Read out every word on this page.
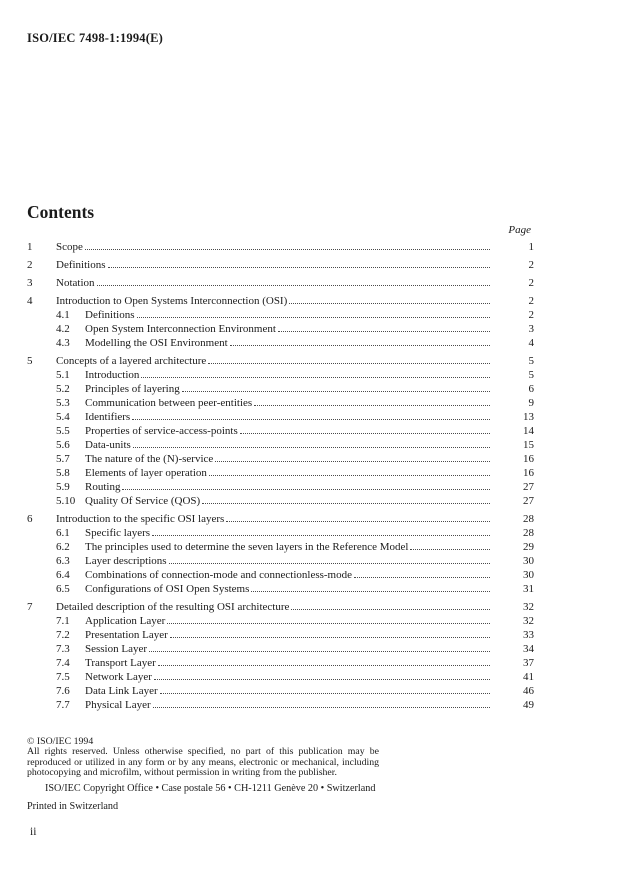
ISO/IEC 7498-1:1994(E)
Contents
Page
1	Scope	1
2	Definitions	2
3	Notation	2
4	Introduction to Open Systems Interconnection (OSI)	2
4.1	Definitions	2
4.2	Open System Interconnection Environment	3
4.3	Modelling the OSI Environment	4
5	Concepts of a layered architecture	5
5.1	Introduction	5
5.2	Principles of layering	6
5.3	Communication between peer-entities	9
5.4	Identifiers	13
5.5	Properties of service-access-points	14
5.6	Data-units	15
5.7	The nature of the (N)-service	16
5.8	Elements of layer operation	16
5.9	Routing	27
5.10 Quality Of Service (QOS)	27
6	Introduction to the specific OSI layers	28
6.1	Specific layers	28
6.2	The principles used to determine the seven layers in the Reference Model	29
6.3	Layer descriptions	30
6.4	Combinations of connection-mode and connectionless-mode	30
6.5	Configurations of OSI Open Systems	31
7	Detailed description of the resulting OSI architecture	32
7.1	Application Layer	32
7.2	Presentation Layer	33
7.3	Session Layer	34
7.4	Transport Layer	37
7.5	Network Layer	41
7.6	Data Link Layer	46
7.7	Physical Layer	49
© ISO/IEC 1994
All rights reserved. Unless otherwise specified, no part of this publication may be reproduced or utilized in any form or by any means, electronic or mechanical, including photocopying and microfilm, without permission in writing from the publisher.
ISO/IEC Copyright Office • Case postale 56 • CH-1211 Genève 20 • Switzerland
Printed in Switzerland
ii
